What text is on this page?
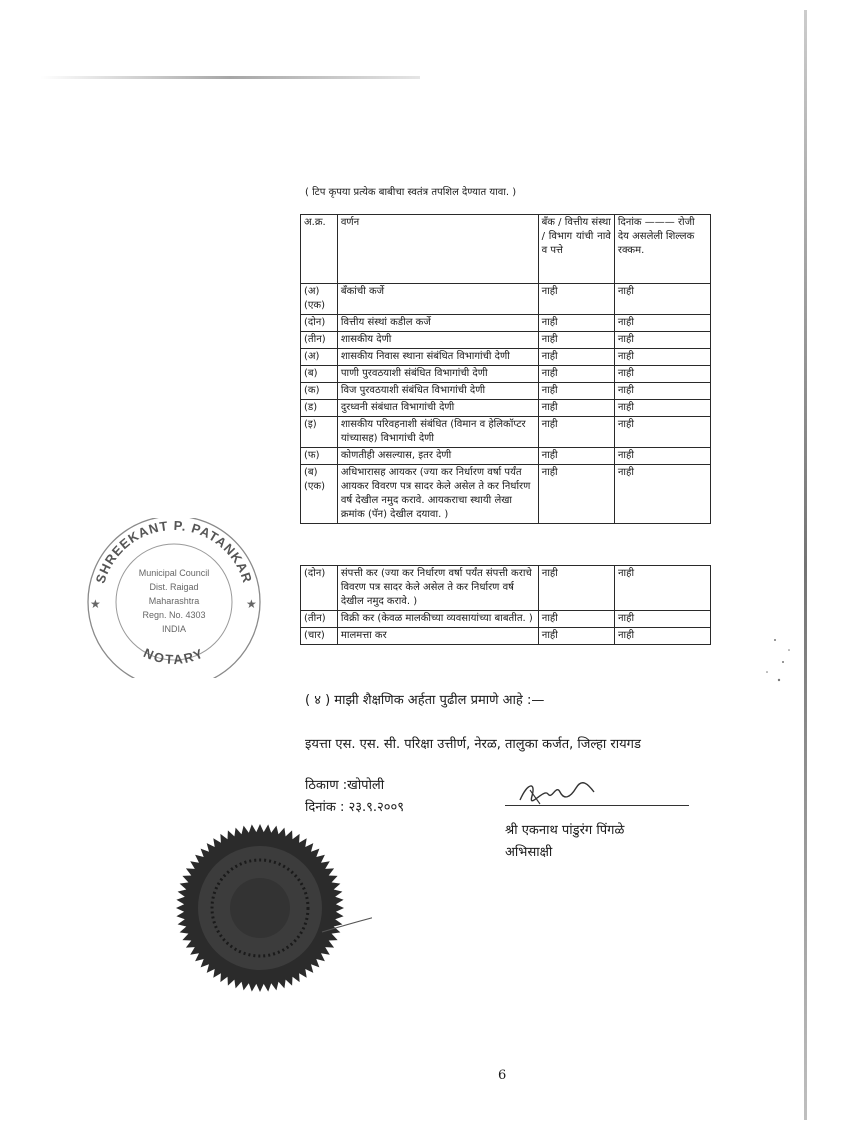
( टिप कृपया प्रत्येक बाबीचा स्वतंत्र तपशिल देण्यात यावा. )
अ.क्र.	वर्णन	बँक / वित्तीय संस्था / विभाग यांची नावे व पत्ते	दिनांक ——— रोजी देय असलेली शिल्लक रक्कम.
(अ) (एक)	बँकांची कर्जे	नाही	नाही
(दोन)	वित्तीय संस्थां कडील कर्जे	नाही	नाही
(तीन)	शासकीय देणी	नाही	नाही
(अ)	शासकीय निवास स्थाना संबंधित विभागांची देणी	नाही	नाही
(ब)	पाणी पुरवठयाशी संबंधित विभागांची देणी	नाही	नाही
(क)	विज पुरवठयाशी संबंधित विभागांची देणी	नाही	नाही
(ड)	दुरध्वनी संबंधात विभागांची देणी	नाही	नाही
(इ)	शासकीय परिवहनाशी संबंधित (विमान व हेलिकॉप्टर यांच्यासह) विभागांची देणी	नाही	नाही
(फ)	कोणतीही असल्यास, इतर देणी	नाही	नाही
(ब) (एक)	अधिभारासह आयकर (ज्या कर निर्धारण वर्षा पर्यंत आयकर विवरण पत्र सादर केले असेल ते कर निर्धारण वर्ष देखील नमुद करावे. आयकराचा स्थायी लेखा क्रमांक (पॅन) देखील दयावा. )	नाही	नाही
(दोन)	संपत्ती कर (ज्या कर निर्धारण वर्षा पर्यंत संपत्ती कराचे विवरण पत्र सादर केले असेल ते कर निर्धारण वर्ष देखील नमुद करावे. )	नाही	नाही
(तीन)	विक्री कर (केवळ मालकीच्या व्यवसायांच्या बाबतीत. )	नाही	नाही
(चार)	मालमत्ता कर	नाही	नाही
( ४ ) माझी शैक्षणिक अर्हता पुढील प्रमाणे आहे :—
इयत्ता एस. एस. सी. परिक्षा उत्तीर्ण, नेरळ, तालुका कर्जत, जिल्हा रायगड
ठिकाण :खोपोली
दिनांक : २३.९.२००९
श्री एकनाथ पांडुरंग पिंगळे
अभिसाक्षी
SHREEKANT P. PATANKAR
NOTARY
Municipal Council
Dist. Raigad
Maharashtra
Regn. No. 4303
INDIA
★	★
6
